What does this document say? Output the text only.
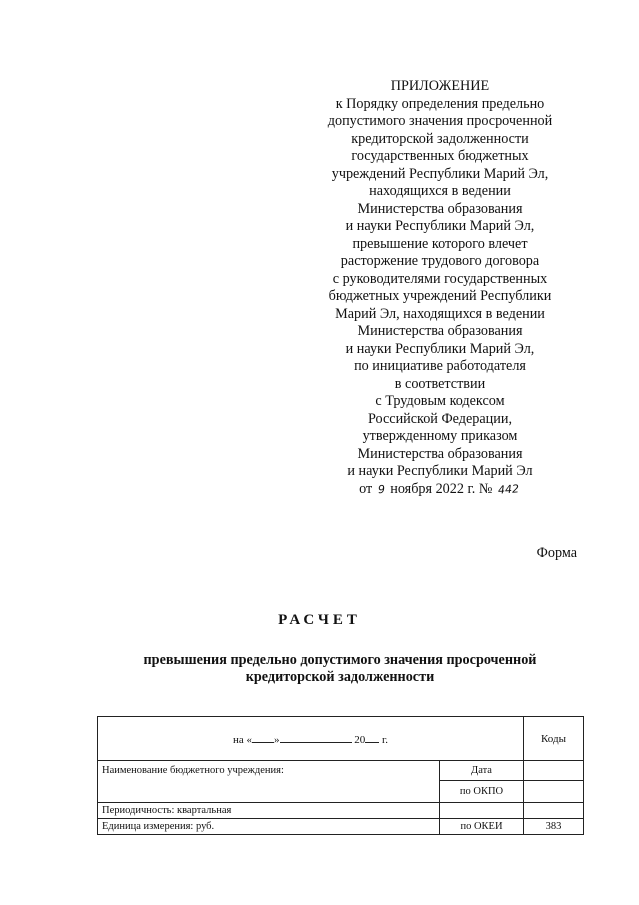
ПРИЛОЖЕНИЕ
к Порядку определения предельно
допустимого значения просроченной
кредиторской задолженности
государственных бюджетных
учреждений Республики Марий Эл,
находящихся в ведении
Министерства образования
и науки Республики Марий Эл,
превышение которого влечет
расторжение трудового договора
с руководителями государственных
бюджетных учреждений Республики
Марий Эл, находящихся в ведении
Министерства образования
и науки Республики Марий Эл,
по инициативе работодателя
в соответствии
с Трудовым кодексом
Российской Федерации,
утвержденному приказом
Министерства образования
и науки Республики Марий Эл
от 9 ноября 2022 г. № 442
Форма
РАСЧЕТ
превышения предельно допустимого значения просроченной
кредиторской задолженности
на « » 20 г.		Коды
Наименование бюджетного учреждения:	Дата	
	по ОКПО	
Периодичность: квартальная		
Единица измерения: руб.	по ОКЕИ	383
